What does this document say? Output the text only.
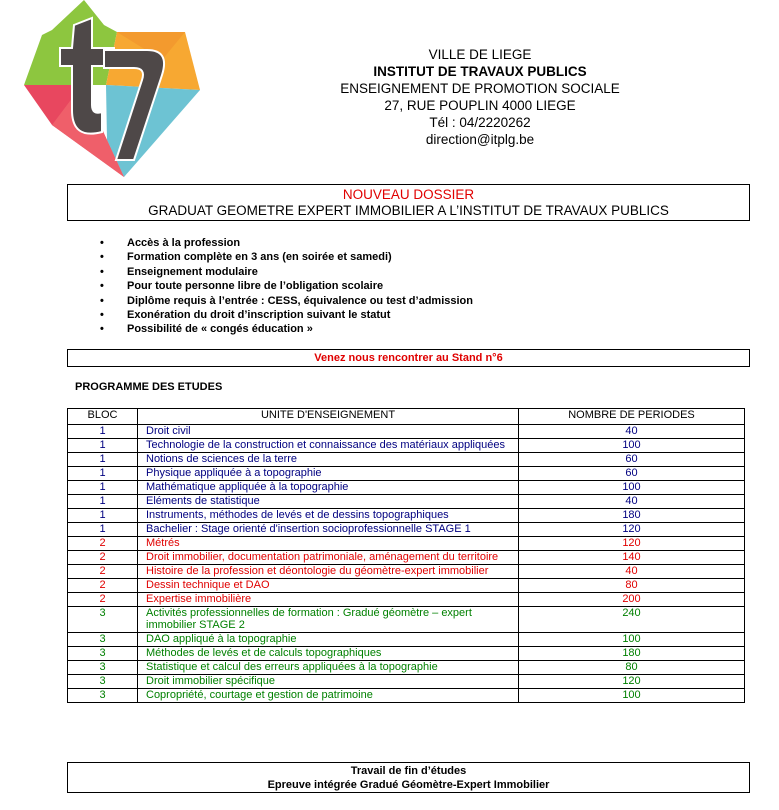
VILLE DE LIEGE
INSTITUT DE TRAVAUX PUBLICS
ENSEIGNEMENT DE PROMOTION SOCIALE
27, RUE POUPLIN 4000 LIEGE
Tél : 04/2220262
direction@itplg.be
NOUVEAU DOSSIER
GRADUAT GEOMETRE EXPERT IMMOBILIER A L’INSTITUT DE TRAVAUX PUBLICS
• Accès à la profession
• Formation complète en 3 ans (en soirée et samedi)
• Enseignement modulaire
• Pour toute personne libre de l’obligation scolaire
• Diplôme requis à l’entrée : CESS, équivalence ou test d’admission
• Exonération du droit d’inscription suivant le statut
• Possibilité de « congés éducation »
Venez nous rencontrer au Stand n°6
PROGRAMME DES ETUDES
BLOC	UNITE D'ENSEIGNEMENT	NOMBRE DE PERIODES
1	Droit civil	40
1	Technologie de la construction et connaissance des matériaux appliquées	100
1	Notions de sciences de la terre	60
1	Physique appliquée à a topographie	60
1	Mathématique appliquée à la topographie	100
1	Eléments de statistique	40
1	Instruments, méthodes de levés et de dessins topographiques	180
1	Bachelier : Stage orienté d'insertion socioprofessionnelle STAGE 1	120
2	Métrés	120
2	Droit immobilier, documentation patrimoniale, aménagement du territoire	140
2	Histoire de la profession et déontologie du géomètre-expert immobilier	40
2	Dessin technique et DAO	80
2	Expertise immobilière	200
3	Activités professionnelles de formation : Gradué géomètre – expert immobilier STAGE 2	240
3	DAO appliqué à la topographie	100
3	Méthodes de levés et de calculs topographiques	180
3	Statistique et calcul des erreurs appliquées à la topographie	80
3	Droit immobilier spécifique	120
3	Copropriété, courtage et gestion de patrimoine	100
Travail de fin d’études
Epreuve intégrée Gradué Géomètre-Expert Immobilier
